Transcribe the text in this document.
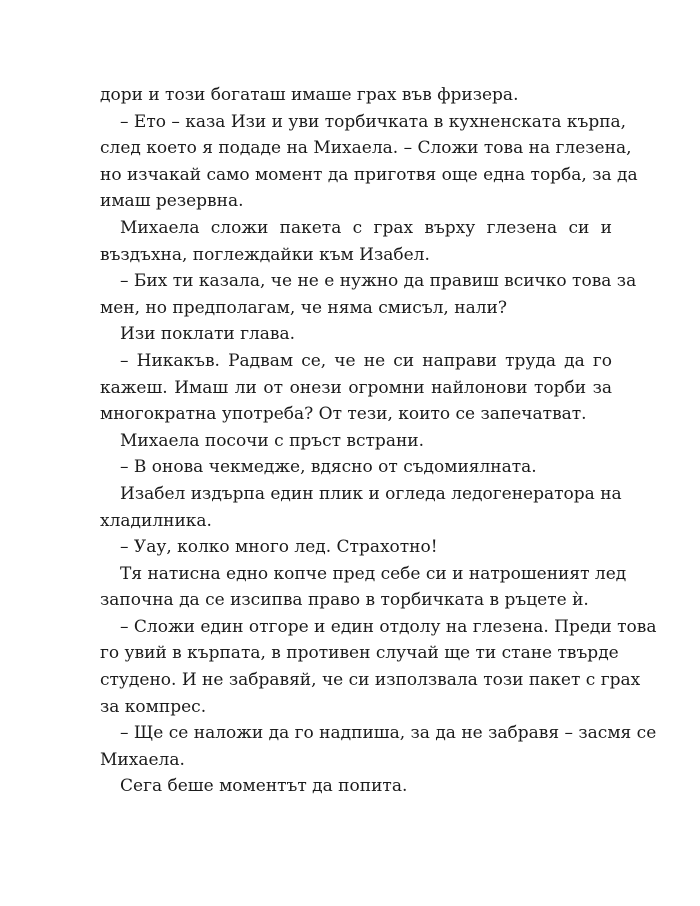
дори и този богаташ имаше грах във фризера.
– Ето – каза Изи и уви торбичката в кухненската кърпа,
след което я подаде на Михаела. – Сложи това на глезена,
но изчакай само момент да приготвя още една торба, за да
имаш резервна.
Михаела сложи пакета с грах върху глезена си и
въздъхна, поглеждайки към Изабел.
– Бих ти казала, че не е нужно да правиш всичко това за
мен, но предполагам, че няма смисъл, нали?
Изи поклати глава.
– Никакъв. Радвам се, че не си направи труда да го
кажеш. Имаш ли от онези огромни найлонови торби за
многократна употреба? От тези, които се запечатват.
Михаела посочи с пръст встрани.
– В онова чекмедже, вдясно от съдомиялната.
Изабел издърпа един плик и огледа ледогенератора на
хладилника.
– Уау, колко много лед. Страхотно!
Тя натисна едно копче пред себе си и натрошеният лед
започна да се изсипва право в торбичката в ръцете ѝ.
– Сложи един отгоре и един отдолу на глезена. Преди това
го увий в кърпата, в противен случай ще ти стане твърде
студено. И не забравяй, че си използвала този пакет с грах
за компрес.
– Ще се наложи да го надпиша, за да не забравя – засмя се
Михаела.
Сега беше моментът да попита.
